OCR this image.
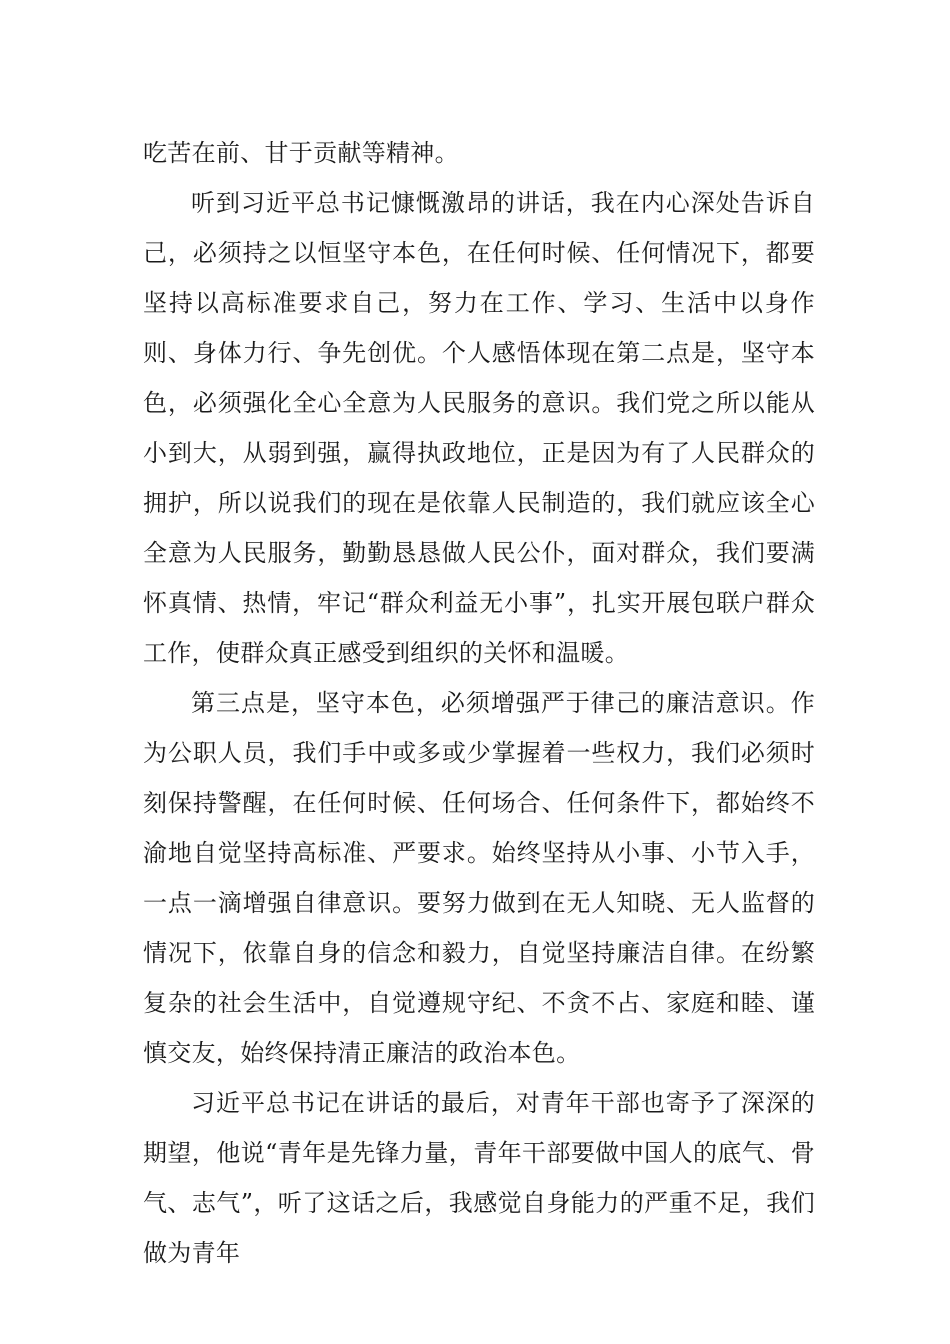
吃苦在前、甘于贡献等精神。

听到习近平总书记慷慨激昂的讲话，我在内心深处告诉自己，必须持之以恒坚守本色，在任何时候、任何情况下，都要坚持以高标准要求自己，努力在工作、学习、生活中以身作则、身体力行、争先创优。个人感悟体现在第二点是，坚守本色，必须强化全心全意为人民服务的意识。我们党之所以能从小到大，从弱到强，赢得执政地位，正是因为有了人民群众的拥护，所以说我们的现在是依靠人民制造的，我们就应该全心全意为人民服务，勤勤恳恳做人民公仆，面对群众，我们要满怀真情、热情，牢记“群众利益无小事”，扎实开展包联户群众工作，使群众真正感受到组织的关怀和温暖。

第三点是，坚守本色，必须增强严于律己的廉洁意识。作为公职人员，我们手中或多或少掌握着一些权力，我们必须时刻保持警醒，在任何时候、任何场合、任何条件下，都始终不渝地自觉坚持高标准、严要求。始终坚持从小事、小节入手，一点一滴增强自律意识。要努力做到在无人知晓、无人监督的情况下，依靠自身的信念和毅力，自觉坚持廉洁自律。在纷繁复杂的社会生活中，自觉遵规守纪、不贪不占、家庭和睦、谨慎交友，始终保持清正廉洁的政治本色。

习近平总书记在讲话的最后，对青年干部也寄予了深深的期望，他说“青年是先锋力量，青年干部要做中国人的底气、骨气、志气”，听了这话之后，我感觉自身能力的严重不足，我们做为青年
